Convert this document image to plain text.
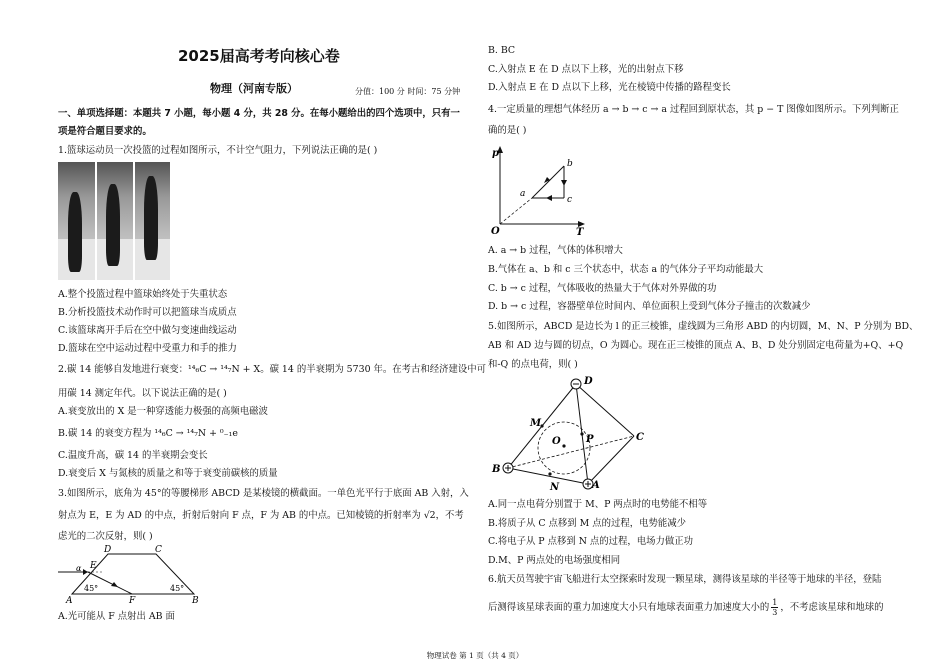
2025届高考考向核心卷
物理（河南专版）	分值：100 分 时间：75 分钟
一、单项选择题：本题共 7 小题，每小题 4 分，共 28 分。在每小题给出的四个选项中，只有一
项是符合题目要求的。
1.篮球运动员一次投篮的过程如图所示，不计空气阻力，下列说法正确的是( )
A.整个投篮过程中篮球始终处于失重状态
B.分析投篮技术动作时可以把篮球当成质点
C.该篮球离开手后在空中做匀变速曲线运动
D.篮球在空中运动过程中受重力和手的推力
2.碳 14 能够自发地进行衰变：¹⁴₆C → ¹⁴₇N + X。碳 14 的半衰期为 5730 年。在考古和经济建设中可
用碳 14 测定年代。以下说法正确的是( )
A.衰变放出的 X 是一种穿透能力极强的高频电磁波
B.碳 14 的衰变方程为 ¹⁴₆C → ¹⁴₇N + ⁰₋₁e
C.温度升高，碳 14 的半衰期会变长
D.衰变后 X 与氮核的质量之和等于衰变前碳核的质量
3.如图所示，底角为 45°的等腰梯形 ABCD 是某棱镜的横截面。一单色光平行于底面 AB 入射，入
射点为 E，E 为 AD 的中点，折射后射向 F 点，F 为 AB 的中点。已知棱镜的折射率为 √2，不考
虑光的二次反射，则( )
D	C
A	B
E
F
α
45°	45°
A.光可能从 F 点射出 AB 面
B. BC
C.入射点 E 在 D 点以下上移，光的出射点下移
D.入射点 E 在 D 点以下上移，光在棱镜中传播的路程变长
4.一定质量的理想气体经历 a → b → c → a 过程回到原状态，其 p − T 图像如图所示。下列判断正
确的是( )
p
T
O
a
b
c
A. a → b 过程，气体的体积增大
B.气体在 a、b 和 c 三个状态中，状态 a 的气体分子平均动能最大
C. b → c 过程，气体吸收的热量大于气体对外界做的功
D. b → c 过程，容器壁单位时间内、单位面积上受到气体分子撞击的次数减少
5.如图所示，ABCD 是边长为 l 的正三棱锥，虚线圆为三角形 ABD 的内切圆，M、N、P 分别为 BD、
AB 和 AD 边与圆的切点，O 为圆心。现在正三棱锥的顶点 A、B、D 处分别固定电荷量为+Q、+Q
和-Q 的点电荷，则( )
D
C
B
A
M
N
O	P
A.同一点电荷分别置于 M、P 两点时的电势能不相等
B.将质子从 C 点移到 M 点的过程，电势能减少
C.将电子从 P 点移到 N 点的过程，电场力做正功
D.M、P 两点处的电场强度相同
6.航天员驾驶宇宙飞船进行太空探索时发现一颗星球，测得该星球的半径等于地球的半径，登陆
后测得该星球表面的重力加速度大小只有地球表面重力加速度大小的 $\frac{1}{3}$ ，不考虑该星球和地球的
物理试卷 第 1 页（共 4 页）
